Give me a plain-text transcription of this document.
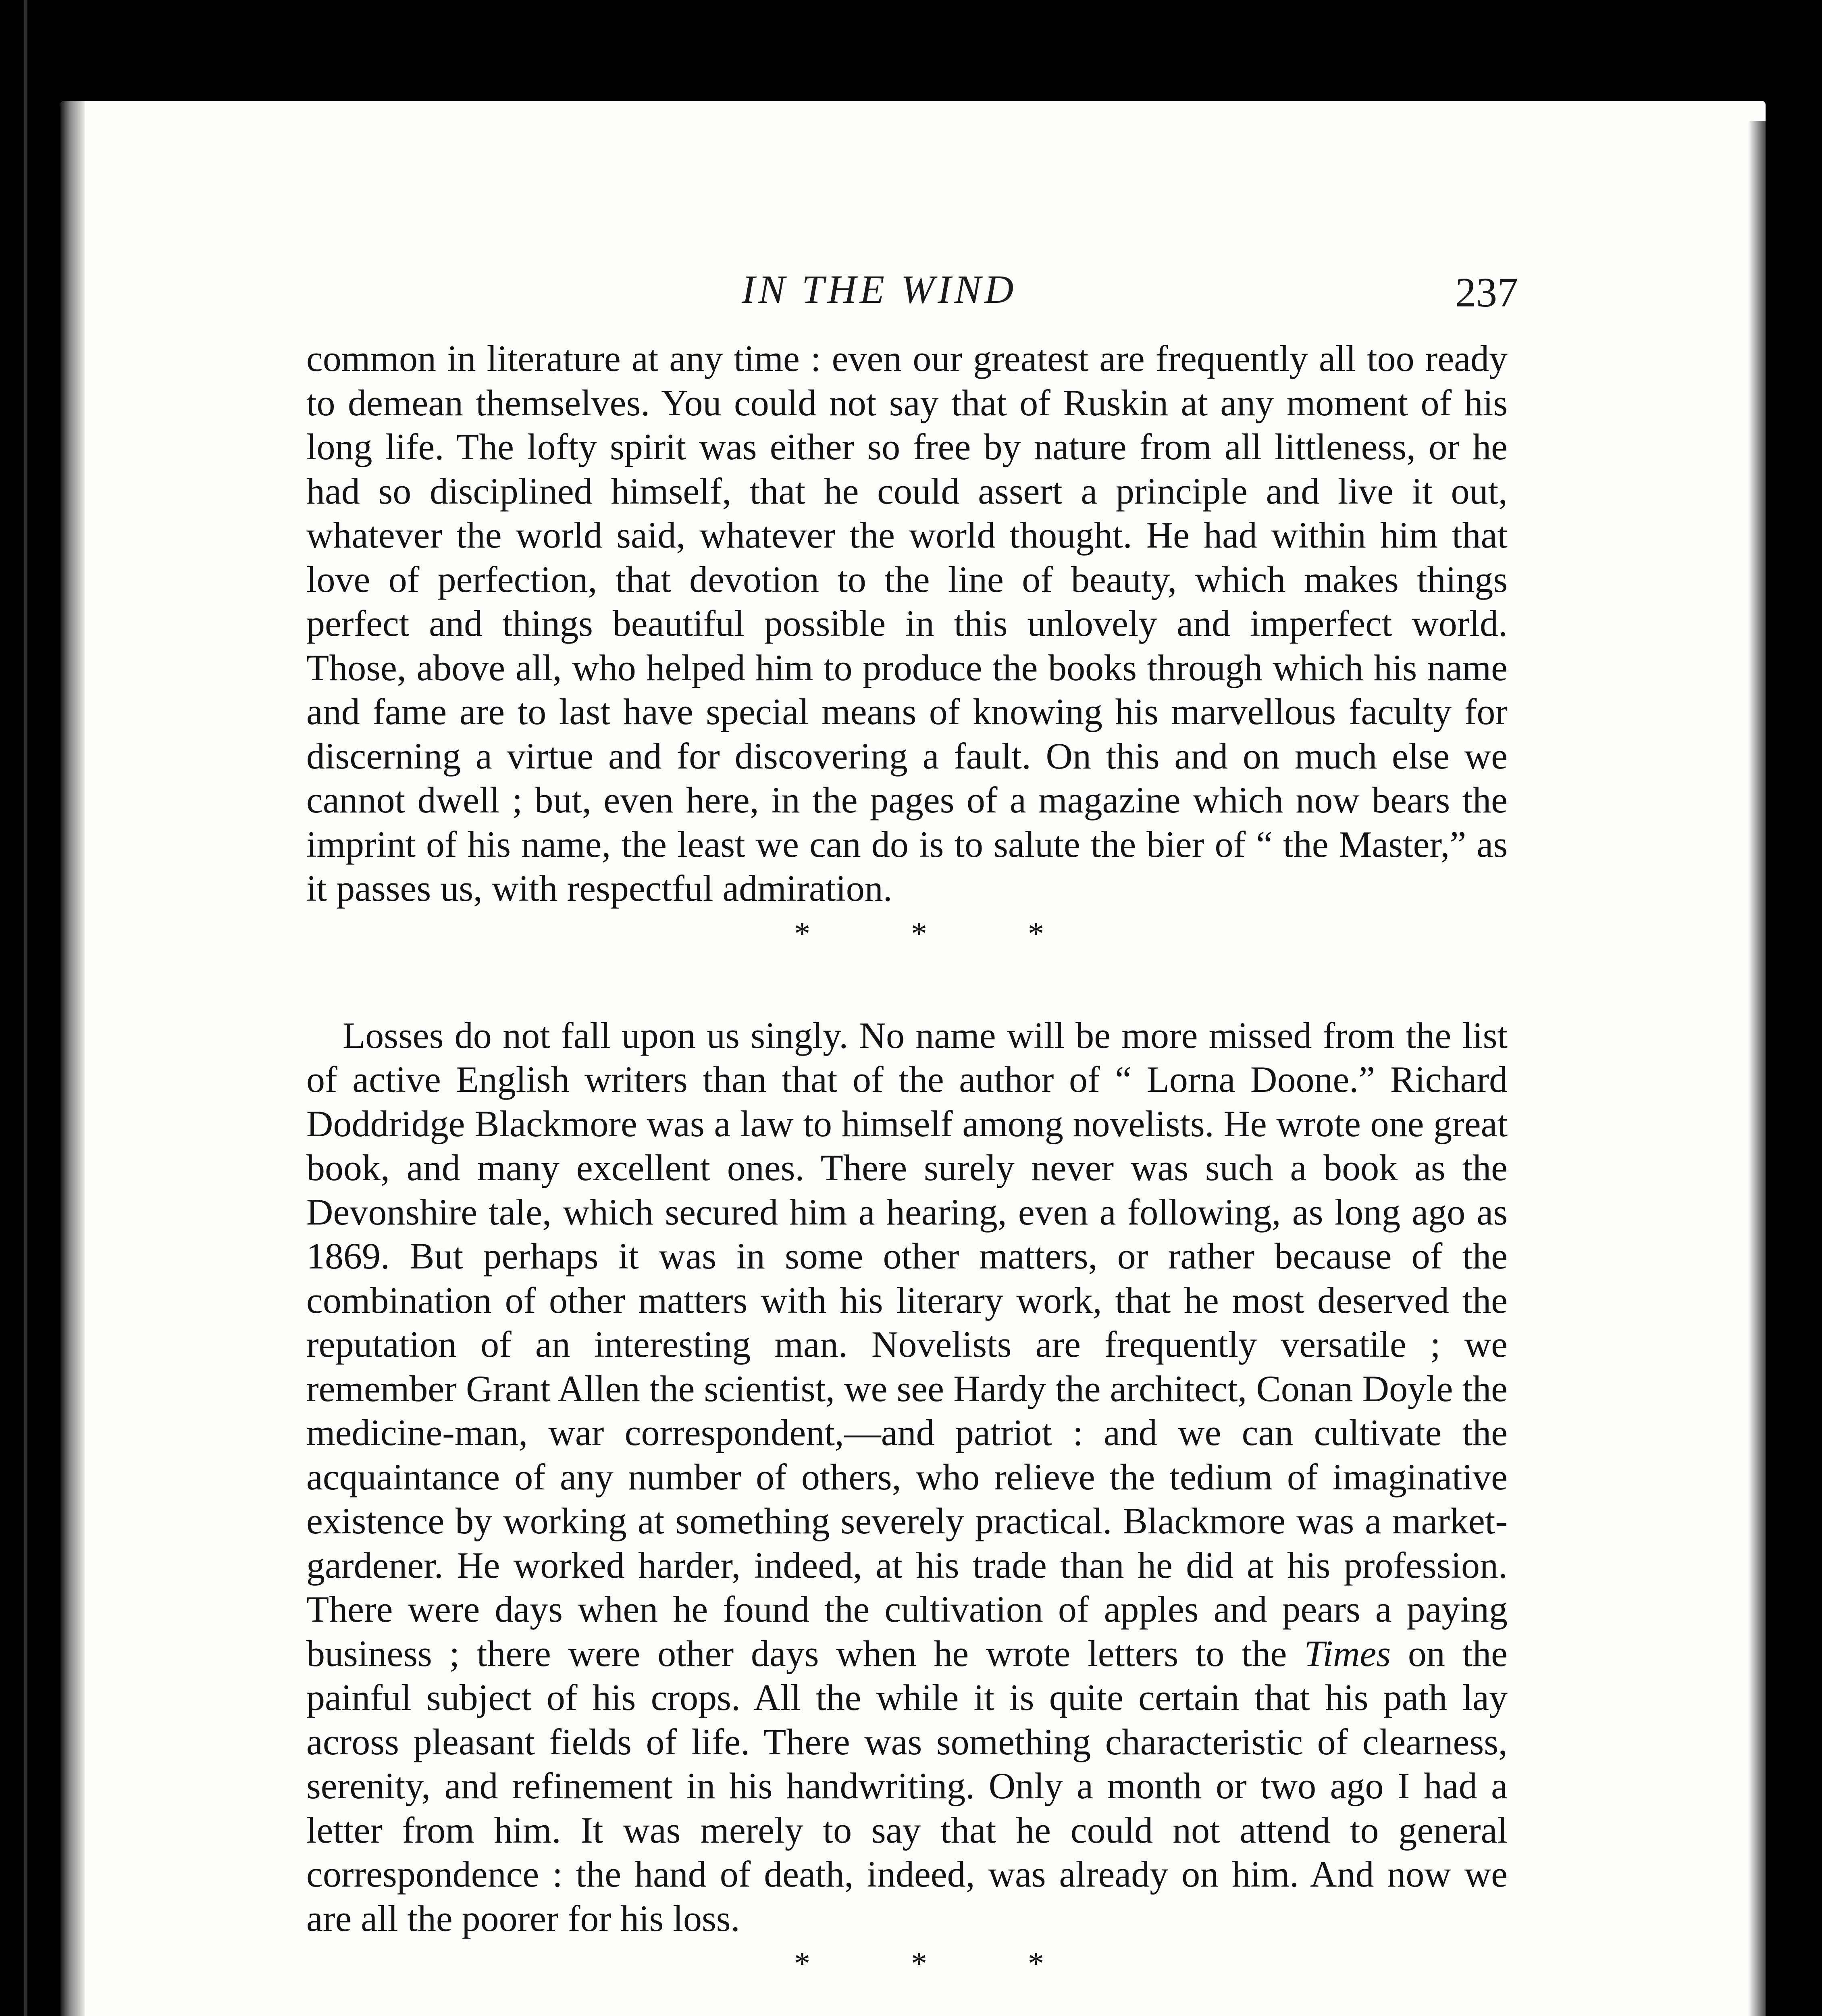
IN THE WIND	237

common in literature at any time : even our greatest are frequently all too ready to demean themselves. You could not say that of Ruskin at any moment of his long life. The lofty spirit was either so free by nature from all littleness, or he had so disciplined himself, that he could assert a principle and live it out, whatever the world said, whatever the world thought. He had within him that love of perfection, that devotion to the line of beauty, which makes things perfect and things beautiful possible in this unlovely and imperfect world. Those, above all, who helped him to produce the books through which his name and fame are to last have special means of knowing his marvellous faculty for discerning a virtue and for discovering a fault. On this and on much else we cannot dwell ; but, even here, in the pages of a magazine which now bears the imprint of his name, the least we can do is to salute the bier of “ the Master,” as it passes us, with respectful admiration.

*	*	*

Losses do not fall upon us singly. No name will be more missed from the list of active English writers than that of the author of “ Lorna Doone.” Richard Doddridge Blackmore was a law to himself among novelists. He wrote one great book, and many excellent ones. There surely never was such a book as the Devonshire tale, which secured him a hearing, even a following, as long ago as 1869. But perhaps it was in some other matters, or rather because of the combination of other matters with his literary work, that he most deserved the reputation of an interesting man. Novelists are frequently versatile ; we remember Grant Allen the scientist, we see Hardy the architect, Conan Doyle the medicine-man, war correspondent,—and patriot : and we can cultivate the acquaintance of any number of others, who relieve the tedium of imaginative existence by working at something severely practical. Blackmore was a market-gardener. He worked harder, indeed, at his trade than he did at his profession. There were days when he found the cultivation of apples and pears a paying business ; there were other days when he wrote letters to the Times on the painful subject of his crops. All the while it is quite certain that his path lay across pleasant fields of life. There was something characteristic of clearness, serenity, and refinement in his handwriting. Only a month or two ago I had a letter from him. It was merely to say that he could not attend to general correspondence : the hand of death, indeed, was already on him. And now we are all the poorer for his loss.

*	*	*
